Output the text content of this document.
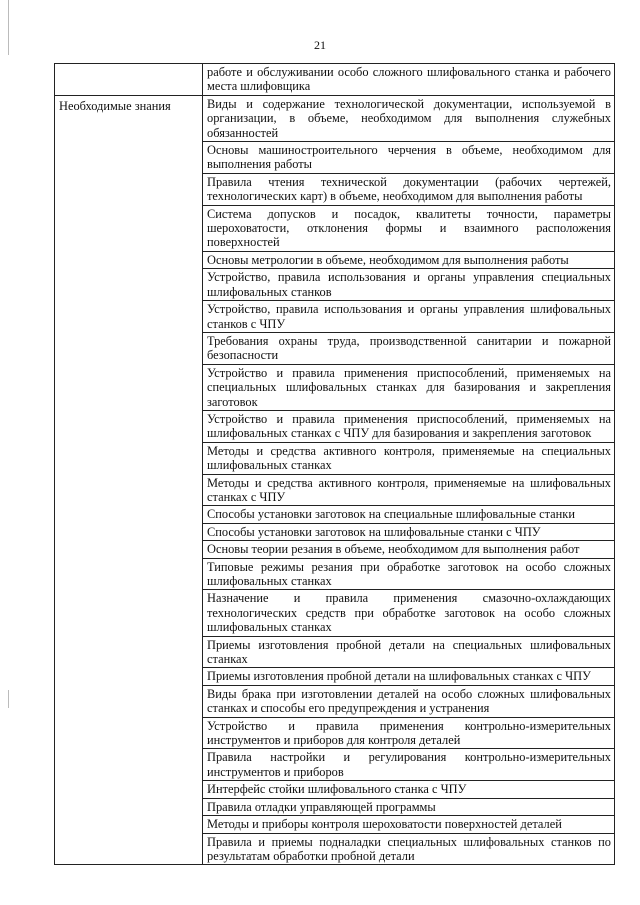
21
	работе и обслуживании особо сложного шлифовального станка и рабочего места шлифовщика
Необходимые знания	Виды и содержание технологической документации, используемой в организации, в объеме, необходимом для выполнения служебных обязанностей
	Основы машиностроительного черчения в объеме, необходимом для выполнения работы
	Правила чтения технической документации (рабочих чертежей, технологических карт) в объеме, необходимом для выполнения работы
	Система допусков и посадок, квалитеты точности, параметры шероховатости, отклонения формы и взаимного расположения поверхностей
	Основы метрологии в объеме, необходимом для выполнения работы
	Устройство, правила использования и органы управления специальных шлифовальных станков
	Устройство, правила использования и органы управления шлифовальных станков с ЧПУ
	Требования охраны труда, производственной санитарии и пожарной безопасности
	Устройство и правила применения приспособлений, применяемых на специальных шлифовальных станках для базирования и закрепления заготовок
	Устройство и правила применения приспособлений, применяемых на шлифовальных станках с ЧПУ для базирования и закрепления заготовок
	Методы и средства активного контроля, применяемые на специальных шлифовальных станках
	Методы и средства активного контроля, применяемые на шлифовальных станках с ЧПУ
	Способы установки заготовок на специальные шлифовальные станки
	Способы установки заготовок на шлифовальные станки с ЧПУ
	Основы теории резания в объеме, необходимом для выполнения работ
	Типовые режимы резания при обработке заготовок на особо сложных шлифовальных станках
	Назначение и правила применения смазочно-охлаждающих технологических средств при обработке заготовок на особо сложных шлифовальных станках
	Приемы изготовления пробной детали на специальных шлифовальных станках
	Приемы изготовления пробной детали на шлифовальных станках с ЧПУ
	Виды брака при изготовлении деталей на особо сложных шлифовальных станках и способы его предупреждения и устранения
	Устройство и правила применения контрольно-измерительных инструментов и приборов для контроля деталей
	Правила настройки и регулирования контрольно-измерительных инструментов и приборов
	Интерфейс стойки шлифовального станка с ЧПУ
	Правила отладки управляющей программы
	Методы и приборы контроля шероховатости поверхностей деталей
	Правила и приемы подналадки специальных шлифовальных станков по результатам обработки пробной детали
